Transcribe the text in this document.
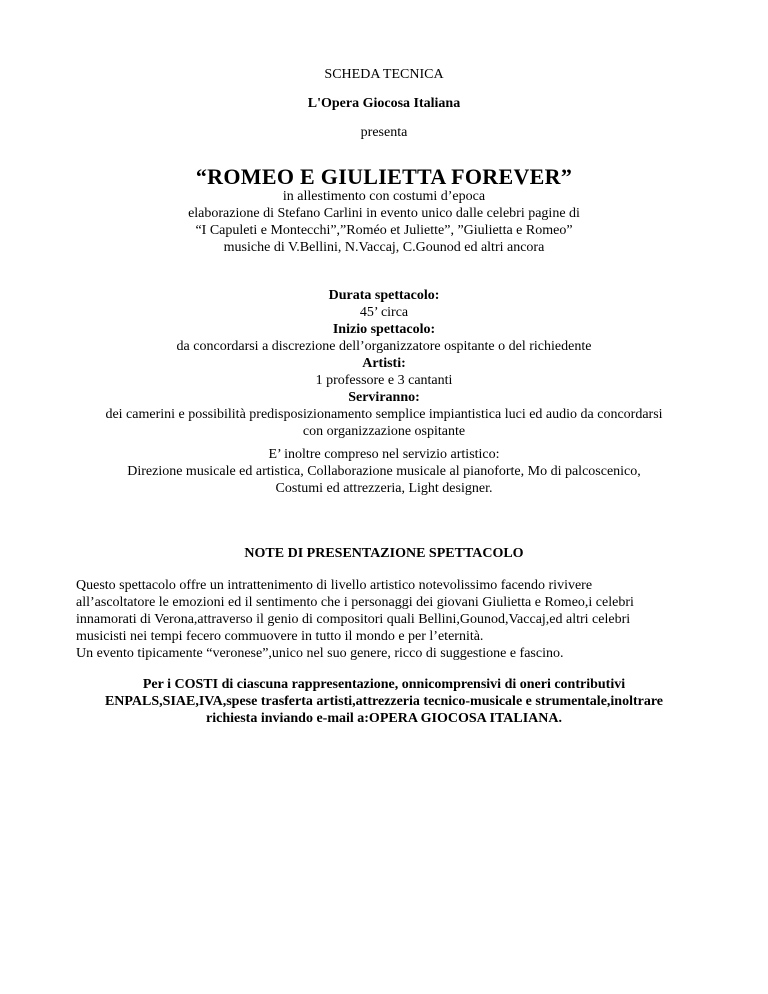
SCHEDA TECNICA
L'Opera Giocosa Italiana
presenta
“ROMEO E GIULIETTA FOREVER”
in allestimento con costumi d’epoca
elaborazione di Stefano Carlini in evento unico dalle celebri pagine di
“I Capuleti e Montecchi”,”Roméo et Juliette”, ”Giulietta e Romeo”
musiche di V.Bellini, N.Vaccaj, C.Gounod ed altri ancora
Durata spettacolo:
45’ circa
Inizio spettacolo:
da concordarsi a discrezione dell’organizzatore ospitante o del richiedente
Artisti:
1 professore e 3 cantanti
Serviranno:
dei camerini e possibilità predisposizionamento semplice impiantistica luci ed audio da concordarsi
con organizzazione ospitante
E’ inoltre compreso nel servizio artistico:
Direzione musicale ed artistica, Collaborazione musicale al pianoforte, Mo di palcoscenico,
Costumi ed attrezzeria, Light designer.
NOTE DI PRESENTAZIONE SPETTACOLO

Questo spettacolo offre un intrattenimento di livello artistico notevolissimo facendo rivivere

all’ascoltatore le emozioni ed il sentimento che i personaggi dei giovani Giulietta e Romeo,i celebri

innamorati di Verona,attraverso il genio di compositori quali Bellini,Gounod,Vaccaj,ed altri celebri

musicisti nei tempi fecero commuovere in tutto il mondo e per l’eternità.

Un evento tipicamente “veronese”,unico nel suo genere, ricco di suggestione e fascino.

Per i COSTI di ciascuna rappresentazione, onnicomprensivi di oneri contributivi
ENPALS,SIAE,IVA,spese trasferta artisti,attrezzeria tecnico-musicale e strumentale,inoltrare
richiesta inviando e-mail a:OPERA GIOCOSA ITALIANA.
